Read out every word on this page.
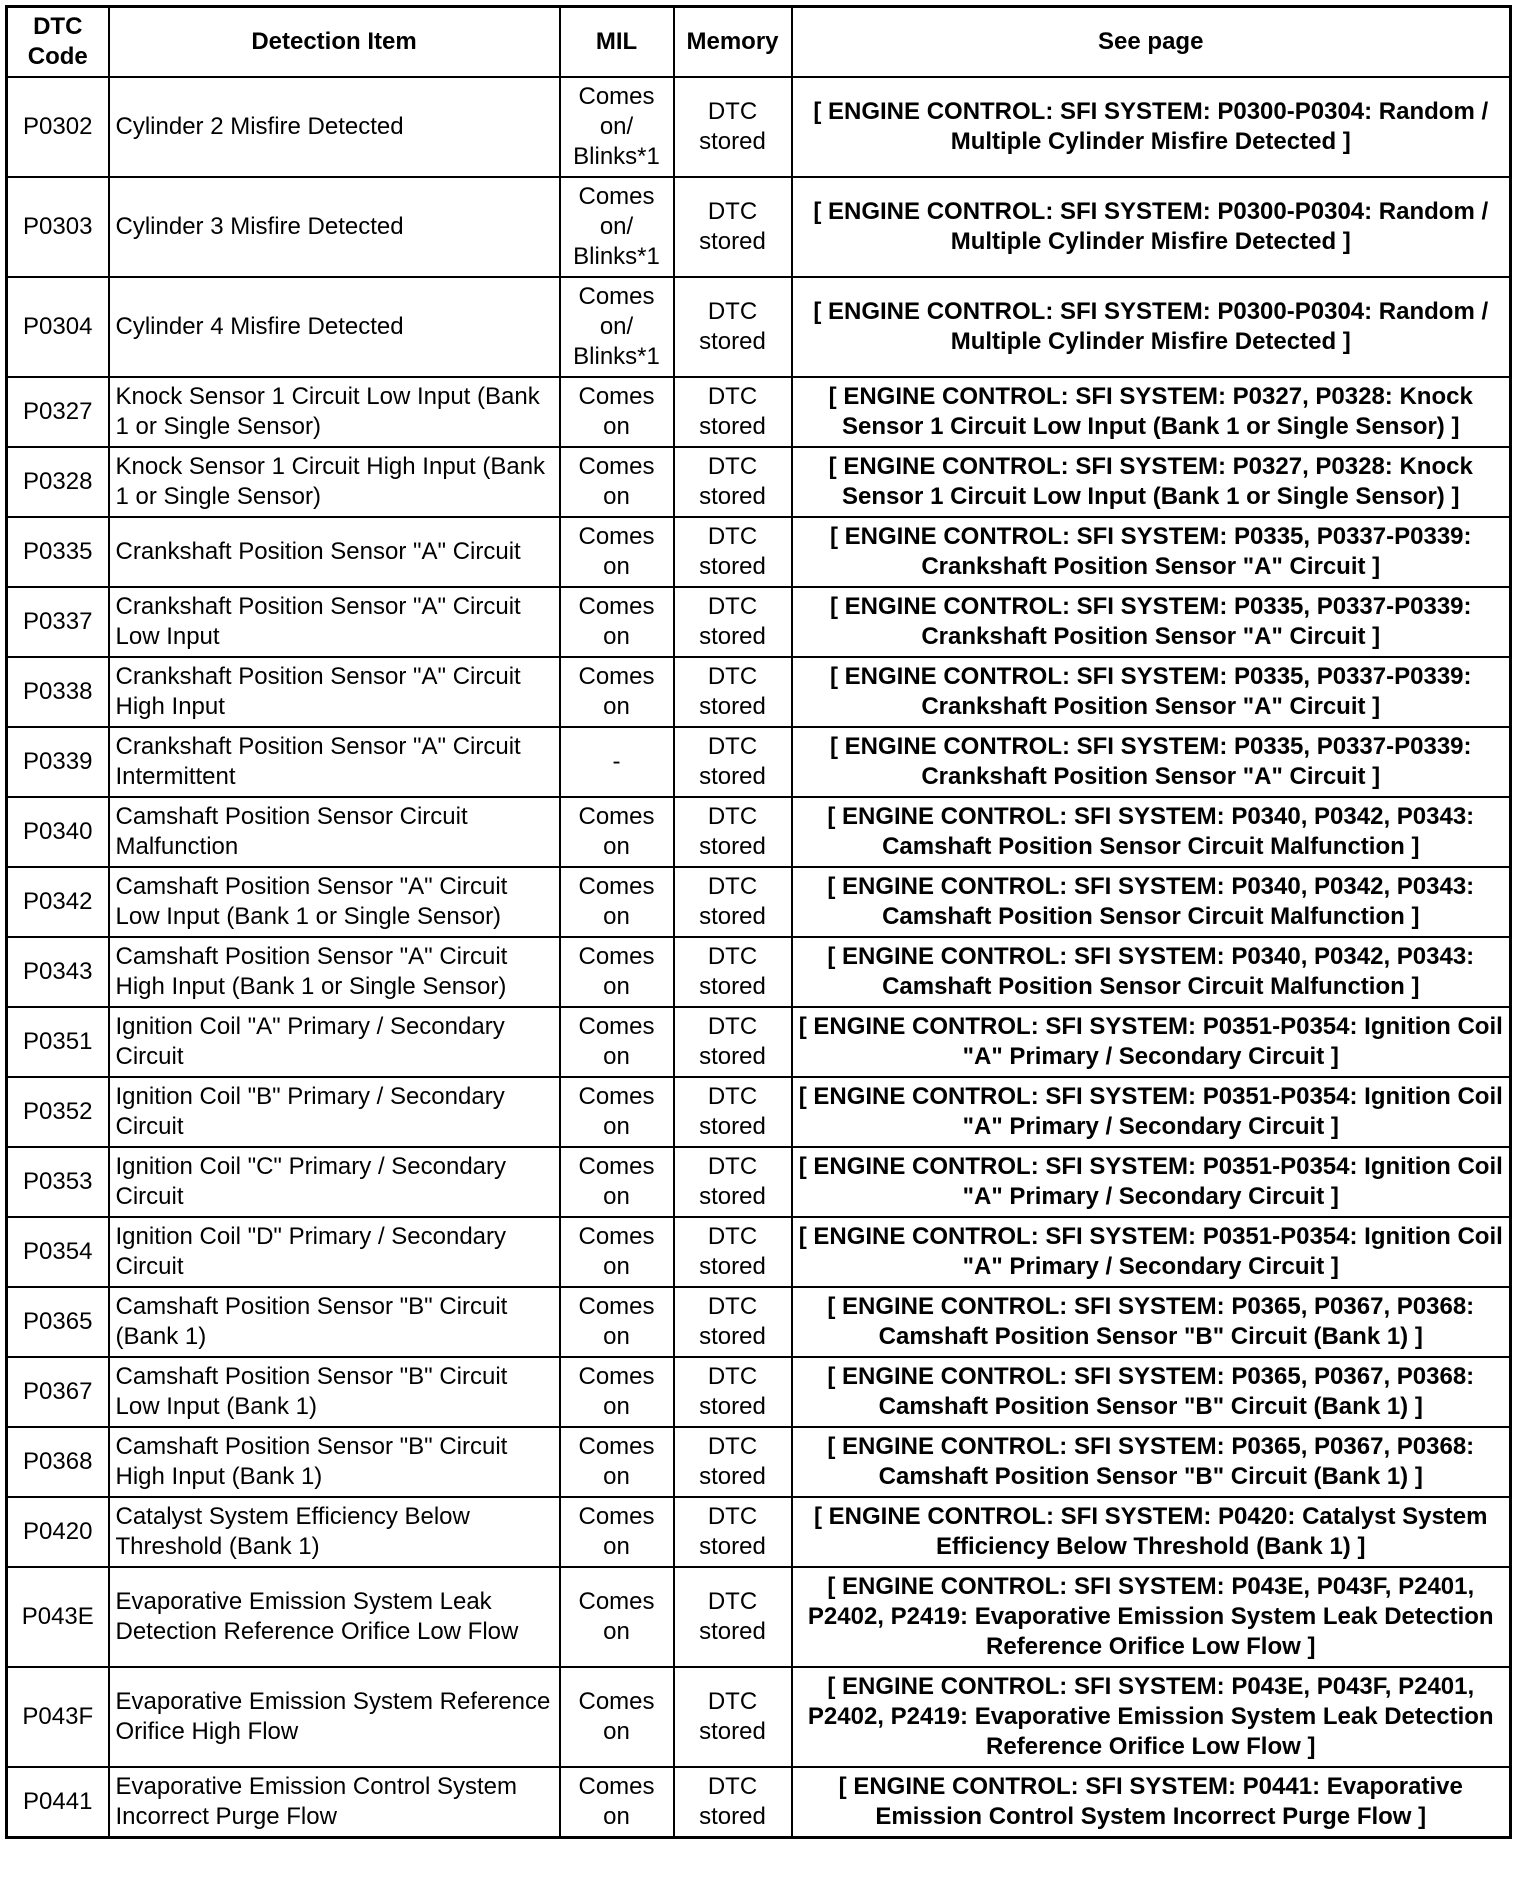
DTC
Code	Detection Item	MIL	Memory	See page
P0302	Cylinder 2 Misfire Detected	Comes on/ Blinks*1	DTC stored	[ ENGINE CONTROL: SFI SYSTEM: P0300-P0304: Random / Multiple Cylinder Misfire Detected ]
P0303	Cylinder 3 Misfire Detected	Comes on/ Blinks*1	DTC stored	[ ENGINE CONTROL: SFI SYSTEM: P0300-P0304: Random / Multiple Cylinder Misfire Detected ]
P0304	Cylinder 4 Misfire Detected	Comes on/ Blinks*1	DTC stored	[ ENGINE CONTROL: SFI SYSTEM: P0300-P0304: Random / Multiple Cylinder Misfire Detected ]
P0327	Knock Sensor 1 Circuit Low Input (Bank 1 or Single Sensor)	Comes on	DTC stored	[ ENGINE CONTROL: SFI SYSTEM: P0327, P0328: Knock Sensor 1 Circuit Low Input (Bank 1 or Single Sensor) ]
P0328	Knock Sensor 1 Circuit High Input (Bank 1 or Single Sensor)	Comes on	DTC stored	[ ENGINE CONTROL: SFI SYSTEM: P0327, P0328: Knock Sensor 1 Circuit Low Input (Bank 1 or Single Sensor) ]
P0335	Crankshaft Position Sensor "A" Circuit	Comes on	DTC stored	[ ENGINE CONTROL: SFI SYSTEM: P0335, P0337-P0339: Crankshaft Position Sensor "A" Circuit ]
P0337	Crankshaft Position Sensor "A" Circuit Low Input	Comes on	DTC stored	[ ENGINE CONTROL: SFI SYSTEM: P0335, P0337-P0339: Crankshaft Position Sensor "A" Circuit ]
P0338	Crankshaft Position Sensor "A" Circuit High Input	Comes on	DTC stored	[ ENGINE CONTROL: SFI SYSTEM: P0335, P0337-P0339: Crankshaft Position Sensor "A" Circuit ]
P0339	Crankshaft Position Sensor "A" Circuit Intermittent	-	DTC stored	[ ENGINE CONTROL: SFI SYSTEM: P0335, P0337-P0339: Crankshaft Position Sensor "A" Circuit ]
P0340	Camshaft Position Sensor Circuit Malfunction	Comes on	DTC stored	[ ENGINE CONTROL: SFI SYSTEM: P0340, P0342, P0343: Camshaft Position Sensor Circuit Malfunction ]
P0342	Camshaft Position Sensor "A" Circuit Low Input (Bank 1 or Single Sensor)	Comes on	DTC stored	[ ENGINE CONTROL: SFI SYSTEM: P0340, P0342, P0343: Camshaft Position Sensor Circuit Malfunction ]
P0343	Camshaft Position Sensor "A" Circuit High Input (Bank 1 or Single Sensor)	Comes on	DTC stored	[ ENGINE CONTROL: SFI SYSTEM: P0340, P0342, P0343: Camshaft Position Sensor Circuit Malfunction ]
P0351	Ignition Coil "A" Primary / Secondary Circuit	Comes on	DTC stored	[ ENGINE CONTROL: SFI SYSTEM: P0351-P0354: Ignition Coil "A" Primary / Secondary Circuit ]
P0352	Ignition Coil "B" Primary / Secondary Circuit	Comes on	DTC stored	[ ENGINE CONTROL: SFI SYSTEM: P0351-P0354: Ignition Coil "A" Primary / Secondary Circuit ]
P0353	Ignition Coil "C" Primary / Secondary Circuit	Comes on	DTC stored	[ ENGINE CONTROL: SFI SYSTEM: P0351-P0354: Ignition Coil "A" Primary / Secondary Circuit ]
P0354	Ignition Coil "D" Primary / Secondary Circuit	Comes on	DTC stored	[ ENGINE CONTROL: SFI SYSTEM: P0351-P0354: Ignition Coil "A" Primary / Secondary Circuit ]
P0365	Camshaft Position Sensor "B" Circuit (Bank 1)	Comes on	DTC stored	[ ENGINE CONTROL: SFI SYSTEM: P0365, P0367, P0368: Camshaft Position Sensor "B" Circuit (Bank 1) ]
P0367	Camshaft Position Sensor "B" Circuit Low Input (Bank 1)	Comes on	DTC stored	[ ENGINE CONTROL: SFI SYSTEM: P0365, P0367, P0368: Camshaft Position Sensor "B" Circuit (Bank 1) ]
P0368	Camshaft Position Sensor "B" Circuit High Input (Bank 1)	Comes on	DTC stored	[ ENGINE CONTROL: SFI SYSTEM: P0365, P0367, P0368: Camshaft Position Sensor "B" Circuit (Bank 1) ]
P0420	Catalyst System Efficiency Below Threshold (Bank 1)	Comes on	DTC stored	[ ENGINE CONTROL: SFI SYSTEM: P0420: Catalyst System Efficiency Below Threshold (Bank 1) ]
P043E	Evaporative Emission System Leak Detection Reference Orifice Low Flow	Comes on	DTC stored	[ ENGINE CONTROL: SFI SYSTEM: P043E, P043F, P2401, P2402, P2419: Evaporative Emission System Leak Detection Reference Orifice Low Flow ]
P043F	Evaporative Emission System Reference Orifice High Flow	Comes on	DTC stored	[ ENGINE CONTROL: SFI SYSTEM: P043E, P043F, P2401, P2402, P2419: Evaporative Emission System Leak Detection Reference Orifice Low Flow ]
P0441	Evaporative Emission Control System Incorrect Purge Flow	Comes on	DTC stored	[ ENGINE CONTROL: SFI SYSTEM: P0441: Evaporative Emission Control System Incorrect Purge Flow ]
